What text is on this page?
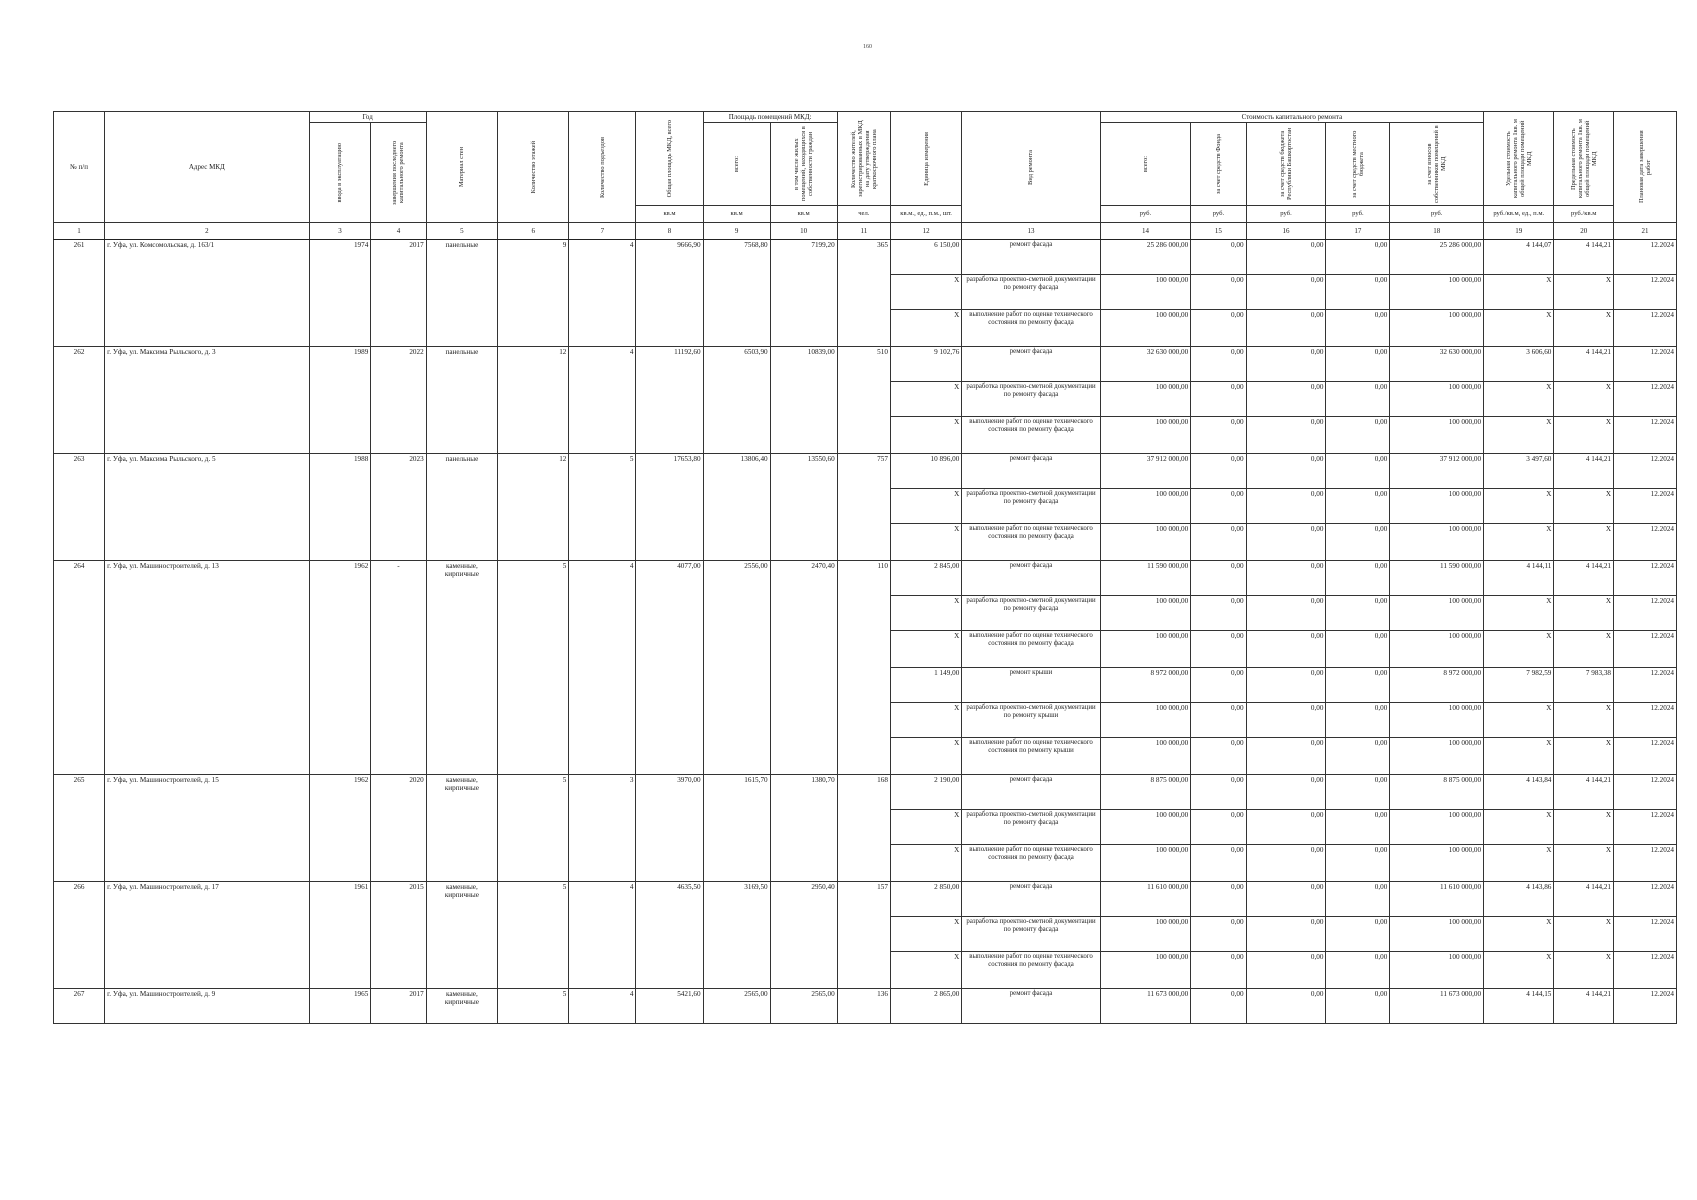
160
№ п/п	Адрес МКД	Год		Материал стен	Количество этажей	Количество подъездов	Общая площадь МКД, всего	Площадь помещений МКД:		Количество жителей, зарегистрированных в МКД на дату утверждения краткосрочного плана	Единица измерения	Вид ремонта	Стоимость капитального ремонта					Удельная стоимость капитального ремонта 1кв. м общей площади помещений МКД	Предельная стоимость капитального ремонта 1кв. м общей площади помещений МКД	Плановая дата завершения работ

		ввода в эксплуатацию	завершения последнего капитального ремонта					всего:	в том числе жилых помещений, находящихся в собственности граждан				всего:	за счет средств Фонда	за счет средств бюджета Республики Башкортостан	за счет средств местного бюджета	за счет взносов собственников помещений в МКД			

							кв.м	кв.м	кв.м	чел.	кв.м., ед., п.м., шт.		руб.	руб.	руб.	руб.	руб.	руб./кв.м, ед., п.м.	руб./кв.м	
1	2	3	4	5	6	7	8	9	10	11	12	13	14	15	16	17	18	19	20	21
261	г. Уфа, ул. Комсомольская, д. 163/1	1974	2017	панельные	9	4	9666,90	7568,80	7199,20	365	6 150,00	ремонт фасада	25 286 000,00	0,00	0,00	0,00	25 286 000,00	4 144,07	4 144,21	12.2024
											X	разработка проектно-сметной документации по ремонту фасада	100 000,00	0,00	0,00	0,00	100 000,00	X	X	12.2024
											X	выполнение работ по оценке технического состояния по ремонту фасада	100 000,00	0,00	0,00	0,00	100 000,00	X	X	12.2024
262	г. Уфа, ул. Максима Рыльского, д. 3	1989	2022	панельные	12	4	11192,60	6503,90	10839,00	510	9 102,76	ремонт фасада	32 630 000,00	0,00	0,00	0,00	32 630 000,00	3 606,60	4 144,21	12.2024
											X	разработка проектно-сметной документации по ремонту фасада	100 000,00	0,00	0,00	0,00	100 000,00	X	X	12.2024
											X	выполнение работ по оценке технического состояния по ремонту фасада	100 000,00	0,00	0,00	0,00	100 000,00	X	X	12.2024
263	г. Уфа, ул. Максима Рыльского, д. 5	1988	2023	панельные	12	5	17653,80	13806,40	13550,60	757	10 896,00	ремонт фасада	37 912 000,00	0,00	0,00	0,00	37 912 000,00	3 497,60	4 144,21	12.2024
											X	разработка проектно-сметной документации по ремонту фасада	100 000,00	0,00	0,00	0,00	100 000,00	X	X	12.2024
											X	выполнение работ по оценке технического состояния по ремонту фасада	100 000,00	0,00	0,00	0,00	100 000,00	X	X	12.2024
264	г. Уфа, ул. Машиностроителей, д. 13	1962	-	каменные, кирпичные	5	4	4077,00	2556,00	2470,40	110	2 845,00	ремонт фасада	11 590 000,00	0,00	0,00	0,00	11 590 000,00	4 144,11	4 144,21	12.2024
											X	разработка проектно-сметной документации по ремонту фасада	100 000,00	0,00	0,00	0,00	100 000,00	X	X	12.2024
											X	выполнение работ по оценке технического состояния по ремонту фасада	100 000,00	0,00	0,00	0,00	100 000,00	X	X	12.2024
											1 149,00	ремонт крыши	8 972 000,00	0,00	0,00	0,00	8 972 000,00	7 982,59	7 983,38	12.2024
											X	разработка проектно-сметной документации по ремонту крыши	100 000,00	0,00	0,00	0,00	100 000,00	X	X	12.2024
											X	выполнение работ по оценке технического состояния по ремонту крыши	100 000,00	0,00	0,00	0,00	100 000,00	X	X	12.2024
265	г. Уфа, ул. Машиностроителей, д. 15	1962	2020	каменные, кирпичные	5	3	3970,00	1615,70	1380,70	168	2 190,00	ремонт фасада	8 875 000,00	0,00	0,00	0,00	8 875 000,00	4 143,84	4 144,21	12.2024
											X	разработка проектно-сметной документации по ремонту фасада	100 000,00	0,00	0,00	0,00	100 000,00	X	X	12.2024
											X	выполнение работ по оценке технического состояния по ремонту фасада	100 000,00	0,00	0,00	0,00	100 000,00	X	X	12.2024
266	г. Уфа, ул. Машиностроителей, д. 17	1961	2015	каменные, кирпичные	5	4	4635,50	3169,50	2950,40	157	2 850,00	ремонт фасада	11 610 000,00	0,00	0,00	0,00	11 610 000,00	4 143,86	4 144,21	12.2024
											X	разработка проектно-сметной документации по ремонту фасада	100 000,00	0,00	0,00	0,00	100 000,00	X	X	12.2024
											X	выполнение работ по оценке технического состояния по ремонту фасада	100 000,00	0,00	0,00	0,00	100 000,00	X	X	12.2024
267	г. Уфа, ул. Машиностроителей, д. 9	1965	2017	каменные, кирпичные	5	4	5421,60	2565,00	2565,00	136	2 865,00	ремонт фасада	11 673 000,00	0,00	0,00	0,00	11 673 000,00	4 144,15	4 144,21	12.2024
